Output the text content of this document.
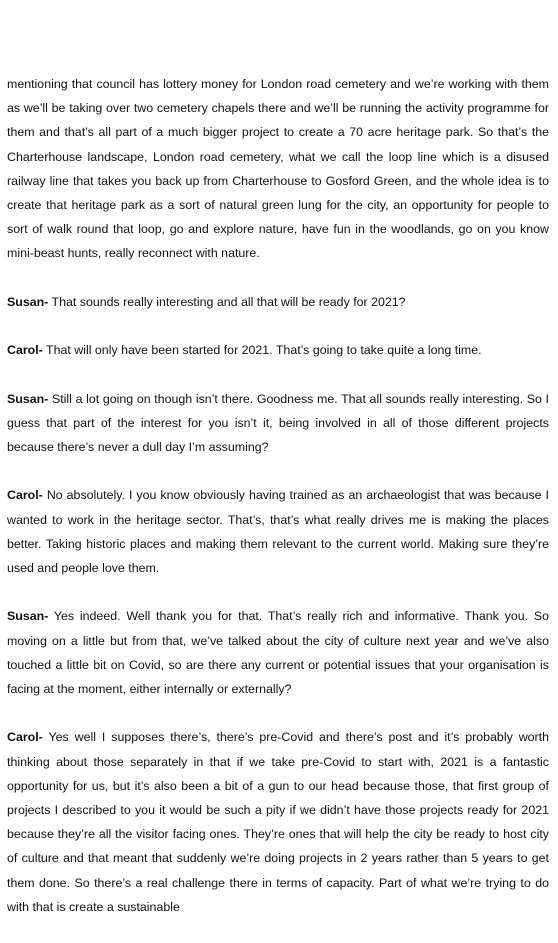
mentioning that council has lottery money for London road cemetery and we’re working with them as we’ll be taking over two cemetery chapels there and we’ll be running the activity programme for them and that’s all part of a much bigger project to create a 70 acre heritage park. So that’s the Charterhouse landscape, London road cemetery, what we call the loop line which is a disused railway line that takes you back up from Charterhouse to Gosford Green, and the whole idea is to create that heritage park as a sort of natural green lung for the city, an opportunity for people to sort of walk round that loop, go and explore nature, have fun in the woodlands, go on you know mini-beast hunts, really reconnect with nature.

Susan- That sounds really interesting and all that will be ready for 2021?

Carol- That will only have been started for 2021. That’s going to take quite a long time.

Susan- Still a lot going on though isn’t there. Goodness me. That all sounds really interesting. So I guess that part of the interest for you isn’t it, being involved in all of those different projects because there’s never a dull day I’m assuming?

Carol- No absolutely. I you know obviously having trained as an archaeologist that was because I wanted to work in the heritage sector. That’s, that’s what really drives me is making the places better. Taking historic places and making them relevant to the current world. Making sure they’re used and people love them.

Susan- Yes indeed. Well thank you for that. That’s really rich and informative. Thank you. So moving on a little but from that, we’ve talked about the city of culture next year and we’ve also touched a little bit on Covid, so are there any current or potential issues that your organisation is facing at the moment, either internally or externally?

Carol- Yes well I supposes there’s, there’s pre-Covid and there’s post and it’s probably worth thinking about those separately in that if we take pre-Covid to start with, 2021 is a fantastic opportunity for us, but it’s also been a bit of a gun to our head because those, that first group of projects I described to you it would be such a pity if we didn’t have those projects ready for 2021 because they’re all the visitor facing ones. They’re ones that will help the city be ready to host city of culture and that meant that suddenly we’re doing projects in 2 years rather than 5 years to get them done. So there’s a real challenge there in terms of capacity. Part of what we’re trying to do with that is create a sustainable
